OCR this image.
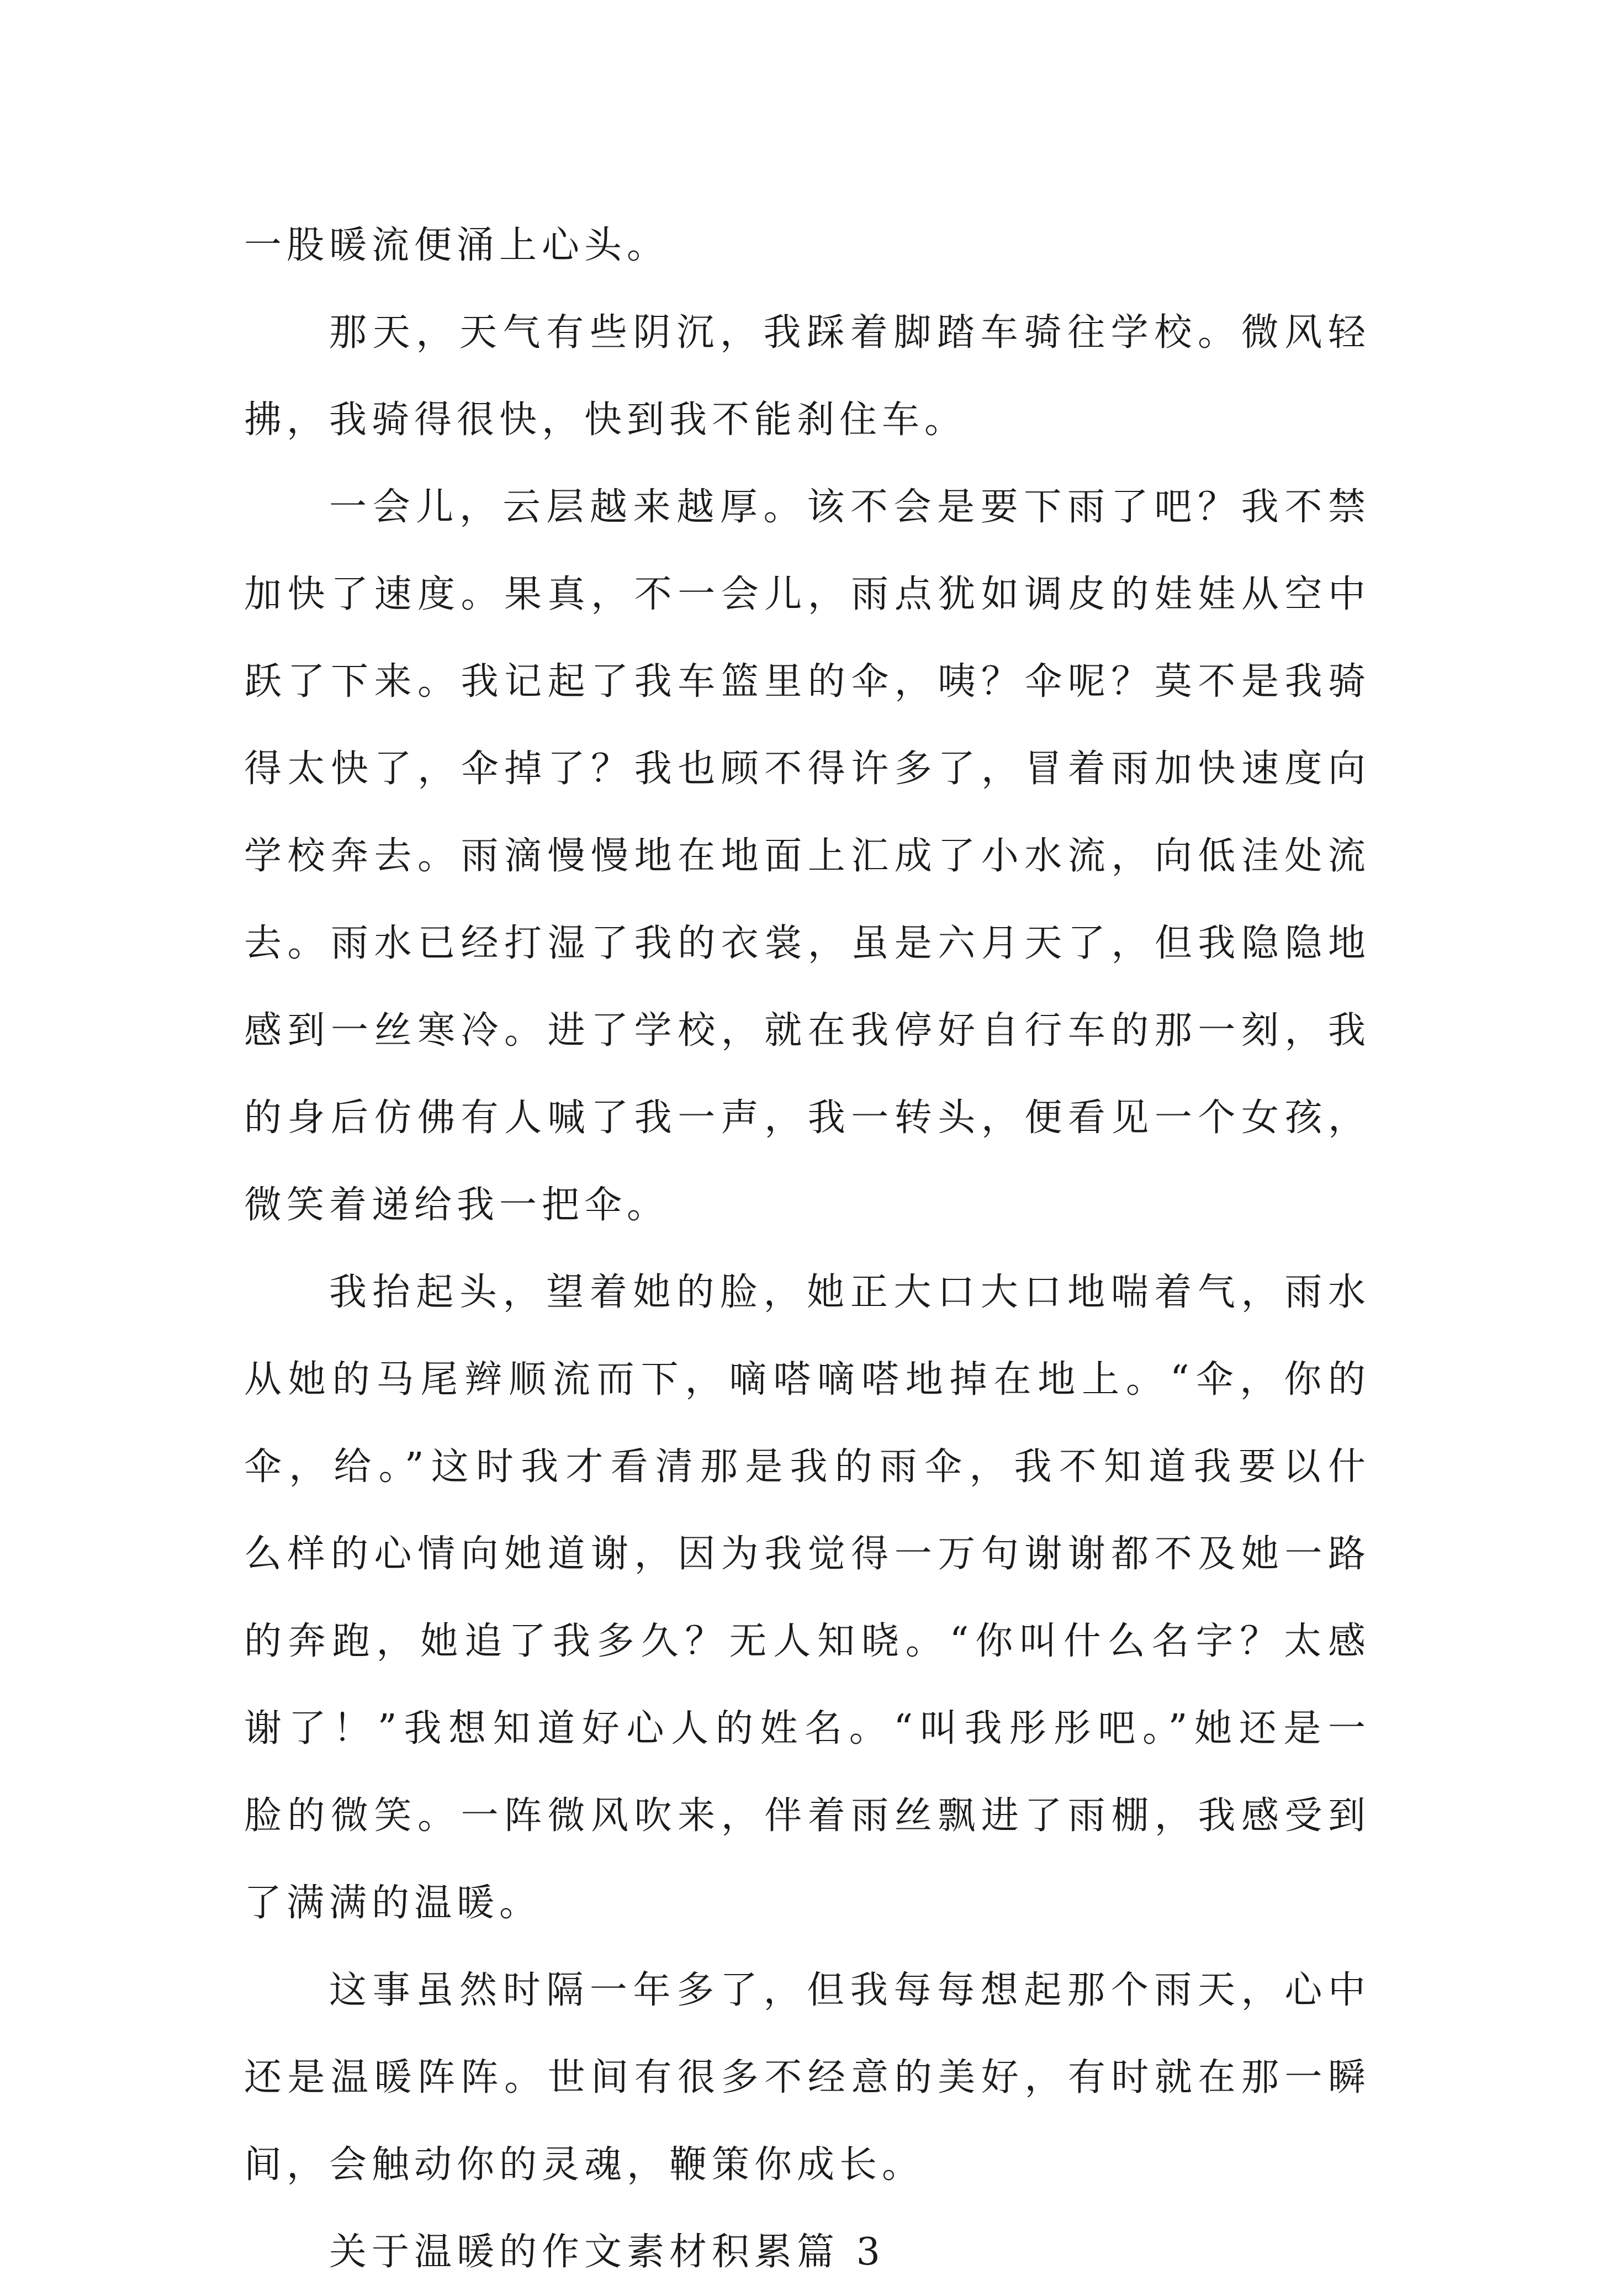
一股暖流便涌上心头。
那天，天气有些阴沉，我踩着脚踏车骑往学校。微风轻
拂，我骑得很快，快到我不能刹住车。
一会儿，云层越来越厚。该不会是要下雨了吧？我不禁
加快了速度。果真，不一会儿，雨点犹如调皮的娃娃从空中
跃了下来。我记起了我车篮里的伞，咦？伞呢？莫不是我骑
得太快了，伞掉了？我也顾不得许多了，冒着雨加快速度向
学校奔去。雨滴慢慢地在地面上汇成了小水流，向低洼处流
去。雨水已经打湿了我的衣裳，虽是六月天了，但我隐隐地
感到一丝寒冷。进了学校，就在我停好自行车的那一刻，我
的身后仿佛有人喊了我一声，我一转头，便看见一个女孩，
微笑着递给我一把伞。
我抬起头，望着她的脸，她正大口大口地喘着气，雨水
从她的马尾辫顺流而下，嘀嗒嘀嗒地掉在地上。“伞，你的
伞，给。”这时我才看清那是我的雨伞，我不知道我要以什
么样的心情向她道谢，因为我觉得一万句谢谢都不及她一路
的奔跑，她追了我多久？无人知晓。“你叫什么名字？太感
谢了！”我想知道好心人的姓名。“叫我彤彤吧。”她还是一
脸的微笑。一阵微风吹来，伴着雨丝飘进了雨棚，我感受到
了满满的温暖。
这事虽然时隔一年多了，但我每每想起那个雨天，心中
还是温暖阵阵。世间有很多不经意的美好，有时就在那一瞬
间，会触动你的灵魂，鞭策你成长。
关于温暖的作文素材积累篇 3
